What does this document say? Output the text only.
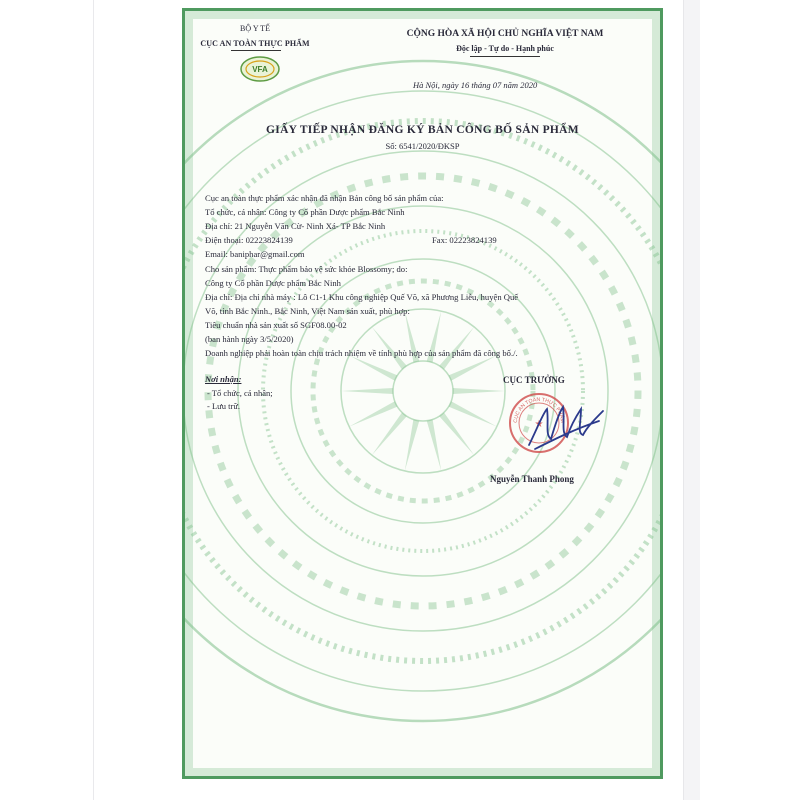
BỘ Y TẾ
CỤC AN TOÀN THỰC PHẨM
VFA
CỘNG HÒA XÃ HỘI CHỦ NGHĨA VIỆT NAM
Độc lập - Tự do - Hạnh phúc
Hà Nội, ngày 16 tháng 07 năm 2020
GIẤY TIẾP NHẬN ĐĂNG KÝ BẢN CÔNG BỐ SẢN PHẨM
Số: 6541/2020/ĐKSP
Cục an toàn thực phẩm xác nhận đã nhận Bản công bố sản phẩm của:
Tổ chức, cá nhân: Công ty Cổ phần Dược phẩm Bắc Ninh
Địa chỉ: 21 Nguyễn Văn Cừ- Ninh Xá- TP Bắc Ninh
Điện thoại: 02223824139	Fax: 02223824139
Email: baniphar@gmail.com
Cho sản phẩm: Thực phẩm bảo vệ sức khỏe Blossomy; do:
Công ty Cổ phần Dược phẩm Bắc Ninh
Địa chỉ: Địa chỉ nhà máy : Lô C1-1 Khu công nghiệp Quế Võ, xã Phương Liễu, huyện Quế
Võ, tỉnh Bắc Ninh., Bắc Ninh, Việt Nam sản xuất, phù hợp:
Tiêu chuẩn nhà sản xuất số SGF08.00-02
(ban hành ngày 3/5/2020)
Doanh nghiệp phải hoàn toàn chịu trách nhiệm về tính phù hợp của sản phẩm đã công bố./.
Nơi nhận:
- Tổ chức, cá nhân;
- Lưu trữ.
CỤC TRƯỞNG
CỤC AN TOÀN THỰC PHẨM
★
Nguyễn Thanh Phong
